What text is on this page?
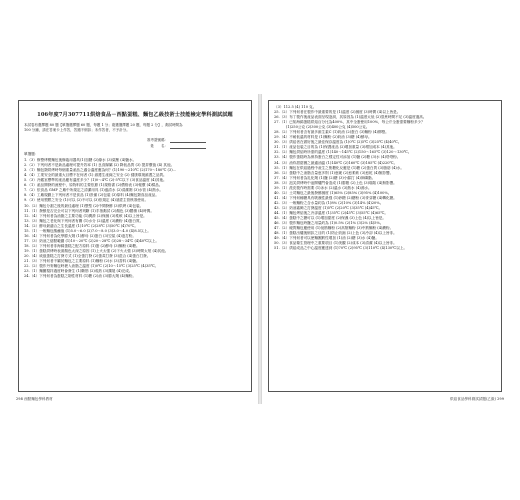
106年度7月307711烘焙食品－西點蛋糕、麵包乙級技術士技能檢定學科測試試題
本試卷有選擇題 80 題【單選選擇題 60 題，每題 1 分；複選選擇題 20 題，每題 2 分】，測試時間為
100 分鐘，請在答案卡上作答，答錯不倒扣；未作答者，不予計分。
准考證號碼：
姓　　名：
單選題：
1.（3）修整烤模麵包後修臨用器具(1)加糖 (2)綠水 (3)氣壓 (4)鹽水。
2.（2）下列何者不是新品處理可提升效率 (1) 良食歸屬 (2) 降低品質 (3) 提昇價值 (4) 其他。
3.（1）麵包類烘烤時每個重量產品之適合溫度應為何？(1)190～210℃ (2)170～180℃ (3)…
4.（4）工業安全的最重大目標不在何者 (1) 維護生產線之安全 (2) 健康環境維護之品質。
5.（3）冷藏室標準的產品應有溫度多少？(1)0～4℃ (2)-5℃以下 (3)食品溫度 (4)其他。
6.（1）產品開發的流程中，原物料的主要依據 (1)規格書 (2)價格表 (3)報價 (4)樣品。
7.（2）依食品 GMP 之廠中所規定之清潔用具 (1)盛清水 (2)清潔劑 (3)水管 (4)熱水。
8.（4）工廠規劃上下列何者不是食品 (1)設備 (2)包裝 (3)原料 (4)麵包類食品產品。
9.（3）使用塑膠之安全 (1)可以 (2)不可以 (3)依規定 (4)須經主管核准使用。
10.（2）麵包分割之後的最佳處理 (1)整型 (2)中間發酵 (3)烘烤 (4)包裝。
11.（1）發酵是否完全可以下列何者判斷 (1)手指測試 (2)顏色 (3)體積 (4)時間。
12.（4）下列何者為油脂之主要功能 (1)潤滑 (2)保濕 (3)柔軟 (4)以上皆是。
13.（3）麵包之老化與下列何者有關 (1)水分 (2)溫度 (3)澱粉 (4)蛋白質。
14.（2）酵母最適合之生長溫度 (1)10℃ (2)28℃ (3)50℃ (4)70℃。
15.（1）一般麵包酸鹼值 (1)5.0～6.0 (2)7.0～8.0 (3)3.0～4.0 (4)8.5以上。
16.（4）下列何者為化學膨大劑 (1)酵母 (2)蛋白 (3)空氣 (4)泡打粉。
17.（3）奶油之熔點範圍 (1)10～20℃ (2)20～28℃ (3)28～34℃ (4)40℃以上。
18.（2）下列何者非海綿蛋糕之配方原料 (1)蛋 (2)酵母 (3)麵粉 (4)糖。
19.（1）蛋糕烘烤時表面顏色太深之原因 (1)上火太強 (2)下火太強 (3)時間太短 (4)其他。
20.（4）戚風蛋糕之打發方式 (1)全蛋打發 (2)蛋黃打發 (3)混合 (4)蛋白打發。
21.（3）下列何者不屬於麵包之主要原料 (1)麵粉 (2)水 (3)香料 (4)鹽。
22.（2）製作丹麥麵包時裹入油脂之溫度 (1)0℃ (2)10～15℃ (3)25℃ (4)35℃。
23.（1）麵團攪拌過度時會發生 (1)斷筋 (2)成熟 (3)擴展 (4)完成。
24.（4）下列何者為蛋糕之韌性材料 (1)糖 (2)油 (3)膨大劑 (4)麵粉。
298 西點麵包學科教材
（3）112.5 (4) 110 克。
25.（2）下列何者在製作中最重要的是 (1)溫度 (2)濕度 (3)時間 (4)以上皆是。
26.（3）布丁製作後產品表面呈現泡洞，其原因為 (1)溫度太低 (2)蒸煮時間不足 (3)溫度過高。
27.（1）已知海綿蛋糕烘焙百分比為400%，其中全蛋使用100%，每公斤全蛋需要麵粉多少？
　　　 (1)250公克 (2)300公克 (3)400公克 (4)500公克。
28.（2）下列何者含有最多維生素C (1)奶油 (2)蛋白 (3)麵粉 (4)柳橙。
29.（4）不耐低溫的材料是 (1)麵粉 (2)奶油 (3)糖 (4)酵母。
30.（3）烘焙者在做好後之最佳保存溫度為 (1)0℃ (2)5℃ (3)25℃ (4)40℃。
31.（1）產品包裝之目的為 (1)保護產品 (2)增加重量 (3)增加成本 (4)其他。
32.（2）麵包烘焙時所需的溫度 (1)140～145℃ (2)150～165℃ (3)120～130℃。
33.（4）製作蛋糕時為保持蛋白之穩定性可添加 (1)鹽 (2)糖 (3)水 (4)塔塔粉。
34.（3）油炸甜甜圈之最適油溫 (1)140℃ (2)160℃ (3)185℃ (4)220℃。
35.（1）麵包在烘焙過程中產生之焦糖化反應是 (1)糖 (2)蛋白質 (3)脂肪 (4)水。
36.（2）蛋糕中之油脂含量愈多則 (1)愈硬 (2)愈柔軟 (3)愈乾 (4)無影響。
37.（4）下列何者為乳化劑 (1)鹽 (2)糖 (3)小蘇打 (4)卵磷脂。
38.（3）泡芙烘烤時中途開爐門會造成 (1)膨脹 (2)上色 (3)塌陷 (4)無影響。
39.（1）派皮製作時需要 (1)冰水 (2)溫水 (3)熱水 (4)沸水。
40.（2）土司麵包之最後發酵濕度 (1)65% (2)85% (3)95% (4)100%。
41.（4）下列何種糖具有吸濕性最強 (1)砂糖 (2)糖粉 (3)麥芽糖 (4)轉化糖。
42.（3）一般麵粉之含水量約為 (1)8% (2)10% (3)14% (4)20%。
43.（2）奶油霜飾之打發溫度 (1)5℃ (2)20℃ (3)35℃ (4)45℃。
44.（1）麵包烤焙後之冷卻溫度 (1)35℃ (2)45℃ (3)55℃ (4)65℃。
45.（4）蛋糕中之糖可以 (1)增加甜度 (2)保濕 (3)上色 (4)以上皆是。
46.（3）製作麵包時鹽之用量約為 (1)0.5% (2)1% (3)2% (4)5%。
47.（2）硬質麵包應使用 (1)低筋麵粉 (2)高筋麵粉 (3)中筋麵粉 (4)澱粉。
48.（1）蛋糕出爐後倒扣之目的 (1)防止收縮 (2)上色 (3)冷卻 (4)以上皆非。
49.（4）下列何者可以使麵團筋性增加 (1)油 (2)糖 (3)水 (4)鹽。
50.（3）食品衛生管理中之重要項目 (1)美觀 (2)成本 (3)清潔 (4)以上皆非。
51.（2）烘焙成品之中心溫度應達到 (1)70℃ (2)95℃ (3)110℃ (4)130℃以上。
烘焙食品學科測試試題(乙級) 299
